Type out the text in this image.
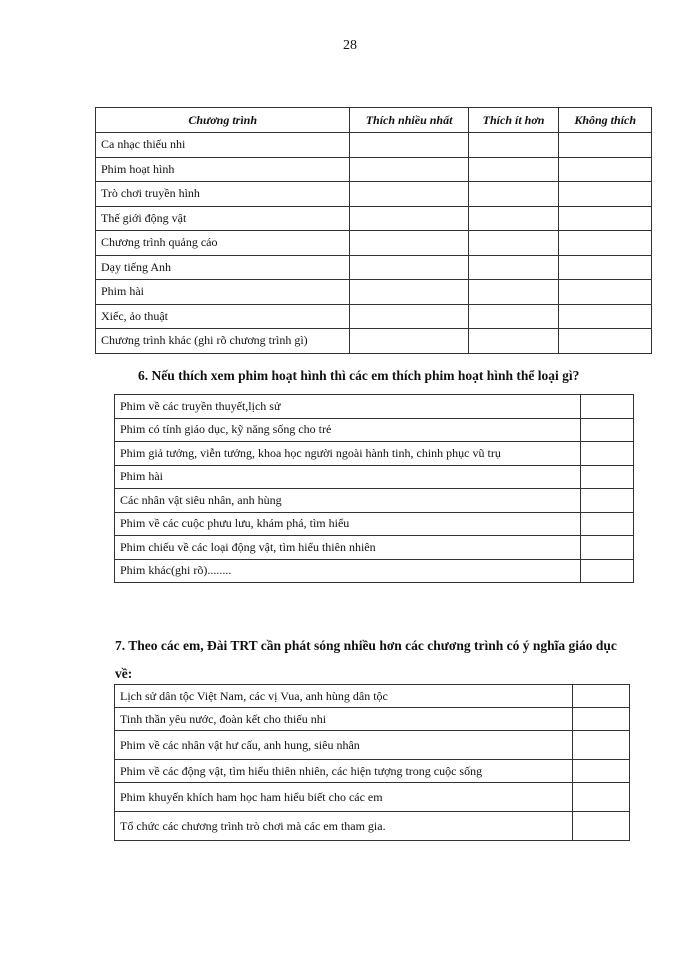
28
Chương trình	Thích nhiều nhất	Thích ít hơn	Không thích
Ca nhạc thiếu nhi			
Phim hoạt hình			
Trò chơi truyền hình			
Thế giới động vật			
Chương trình quảng cáo			
Dạy tiếng Anh			
Phim hài			
Xiếc, ảo thuật			
Chương trình khác (ghi rõ chương trình gì)			
6. Nếu thích xem phim hoạt hình thì các em thích phim hoạt hình thể loại gì?
Phim về các truyền thuyết,lịch sử	
Phim có tính giáo dục, kỹ năng sống cho trẻ	
Phim giả tưởng, viễn tưởng, khoa học người ngoài hành tinh, chinh phục vũ trụ	
Phim hài	
Các nhân vật siêu nhân, anh hùng	
Phim về các cuộc phưu lưu, khám phá, tìm hiểu	
Phim chiếu về các loại động vật, tìm hiểu thiên nhiên	
Phim khác(ghi rõ)........	
7. Theo các em, Đài TRT cần phát sóng nhiều hơn các chương trình có ý nghĩa giáo dục về:
Lịch sử dân tộc Việt Nam, các vị Vua, anh hùng dân tộc	
Tinh thần yêu nước, đoàn kết cho thiếu nhi	
Phim về các nhân vật hư cấu, anh hung, siêu nhân	
Phim về các động vật, tìm hiểu thiên nhiên, các hiện tượng trong cuộc sống	
Phim khuyến khích ham học ham hiểu biết cho các em	
Tổ chức các chương trình trò chơi mà các em tham gia.	
